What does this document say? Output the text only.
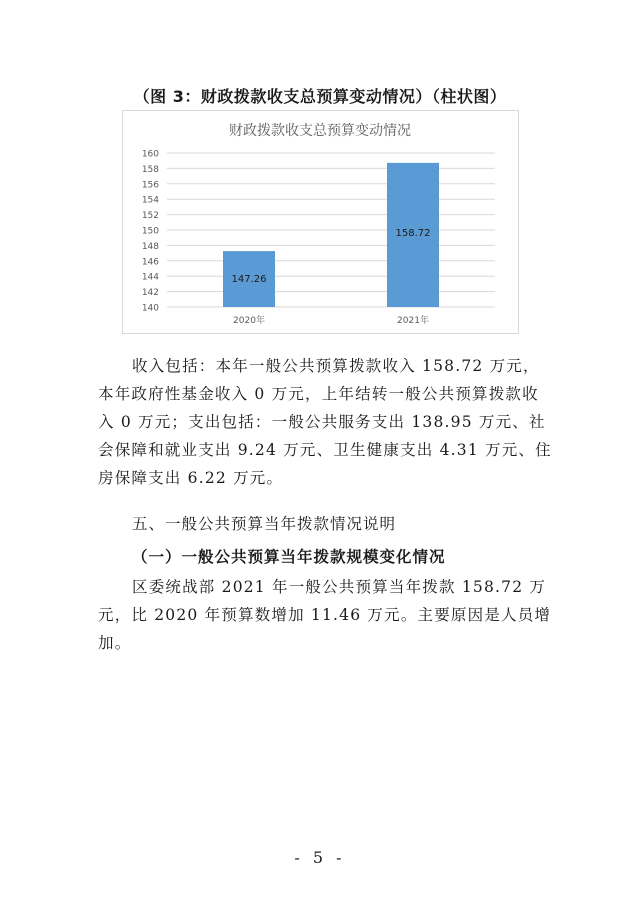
（图 3：财政拨款收支总预算变动情况）（柱状图）
财政拨款收支总预算变动情况
140
142
144
146
148
150
152
154
156
158
160
147.26
2020年
158.72
2021年
收入包括：本年一般公共预算拨款收入 158.72 万元，
本年政府性基金收入 0 万元，上年结转一般公共预算拨款收
入 0 万元；支出包括：一般公共服务支出 138.95 万元、社
会保障和就业支出 9.24 万元、卫生健康支出 4.31 万元、住
房保障支出 6.22 万元。
五、一般公共预算当年拨款情况说明
（一）一般公共预算当年拨款规模变化情况
区委统战部 2021 年一般公共预算当年拨款 158.72 万
元，比 2020 年预算数增加 11.46 万元。主要原因是人员增
加。
- 5 -
